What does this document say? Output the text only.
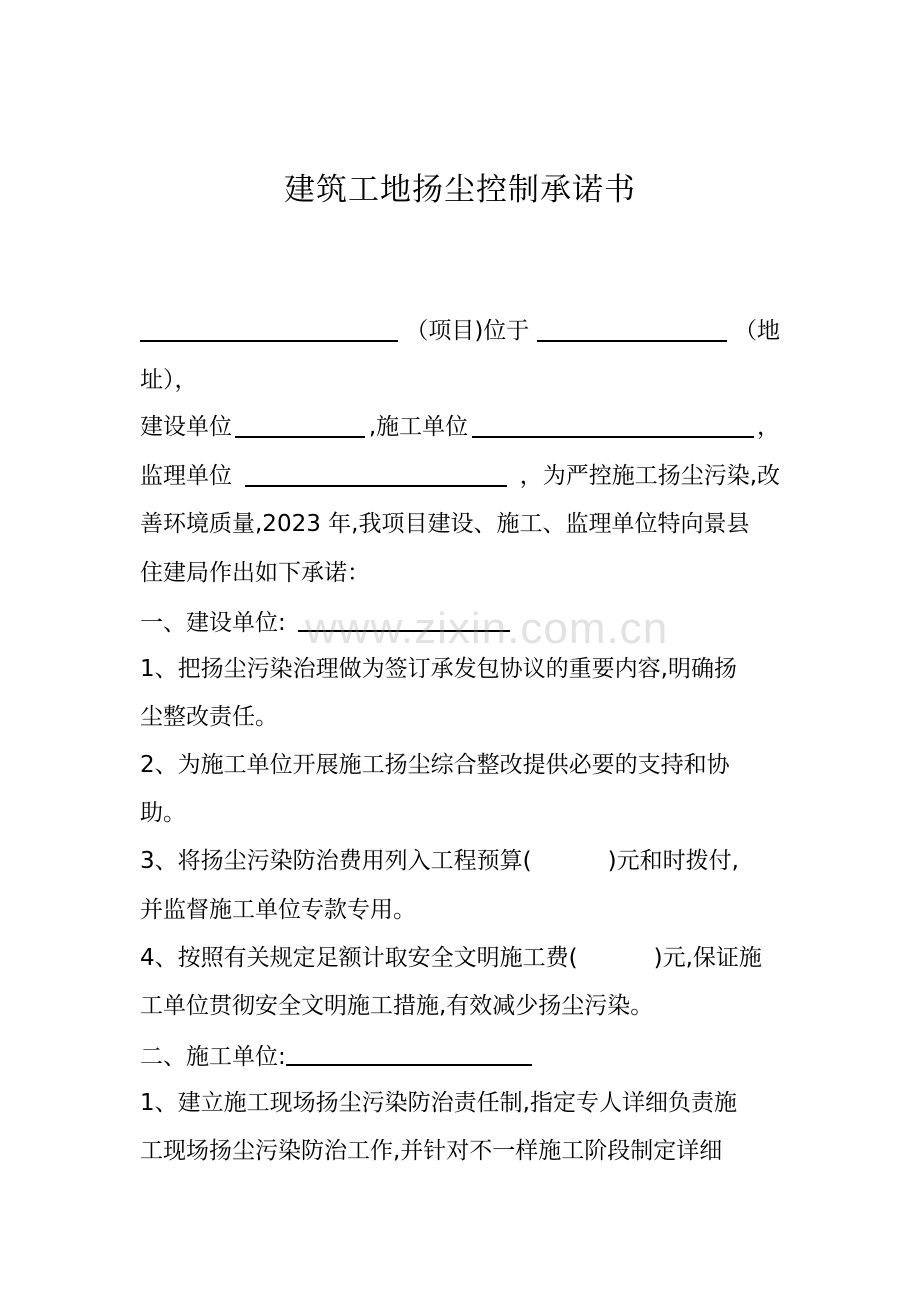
建筑工地扬尘控制承诺书
（项目)位于	（地
址），
建设单位	,施工单位	，
监理单位	，为严控施工扬尘污染,改
善环境质量,2023 年,我项目建设、施工、监理单位特向景县
住建局作出如下承诺：
一、建设单位:
1、把扬尘污染治理做为签订承发包协议的重要内容,明确扬
尘整改责任。
2、为施工单位开展施工扬尘综合整改提供必要的支持和协
助。
3、将扬尘污染防治费用列入工程预算(	)元和时拨付,
并监督施工单位专款专用。
4、按照有关规定足额计取安全文明施工费(	)元,保证施
工单位贯彻安全文明施工措施,有效减少扬尘污染。
二、施工单位:
1、建立施工现场扬尘污染防治责任制,指定专人详细负责施
工现场扬尘污染防治工作,并针对不一样施工阶段制定详细
www.zixin.com.cn
